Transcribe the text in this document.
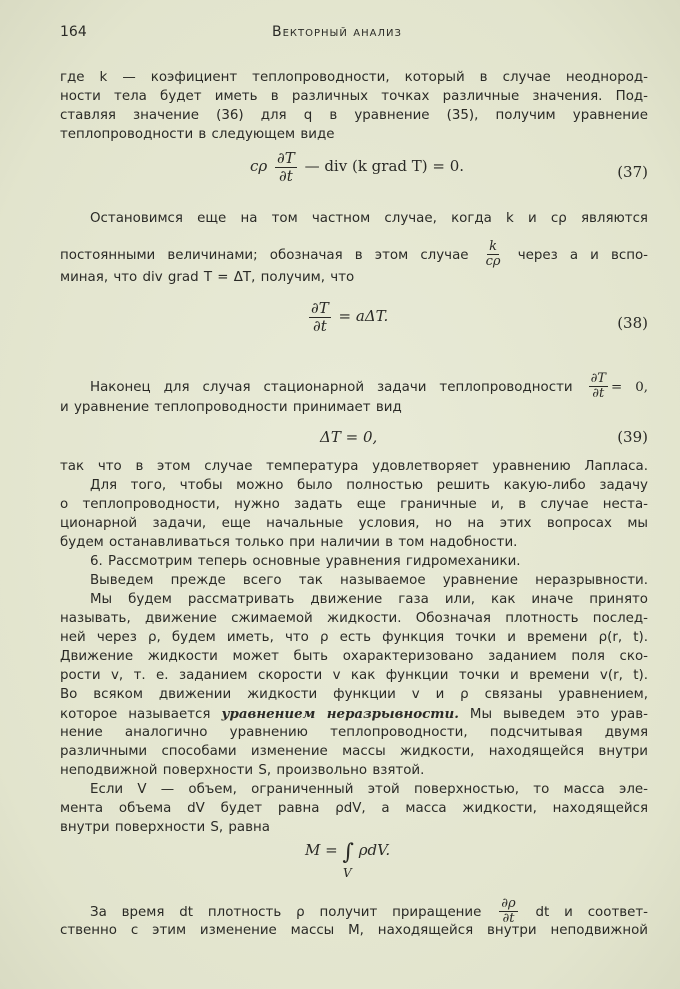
164	Векторный анализ
где k — коэфициент теплопроводности, который в случае неоднород-
ности тела будет иметь в различных точках различные значения. Под-
ставляя значение (36) для q в уравнение (35), получим уравнение
теплопроводности в следующем виде
cρ $\frac{\partial T}{\partial t}$ — div (k grad T) = 0.	(37)
Остановимся еще на том частном случае, когда k и cρ являются
постоянными величинами; обозначая в этом случае $\frac{k}{c\rho}$ через a и вспо-
миная, что div grad T = ΔT, получим, что
$\frac{\partial T}{\partial t} = a\Delta T$.	(38)
Наконец для случая стационарной задачи теплопроводности $\frac{\partial T}{\partial t} = 0$,
и уравнение теплопроводности принимает вид
ΔT = 0,	(39)
так что в этом случае температура удовлетворяет уравнению Лапласа.
Для того, чтобы можно было полностью решить какую-либо задачу
о теплопроводности, нужно задать еще граничные и, в случае неста-
ционарной задачи, еще начальные условия, но на этих вопросах мы
будем останавливаться только при наличии в том надобности.
6. Рассмотрим теперь основные уравнения гидромеханики.
Выведем прежде всего так называемое уравнение неразрывности.
Мы будем рассматривать движение газа или, как иначе принято
называть, движение сжимаемой жидкости. Обозначая плотность послед-
ней через ρ, будем иметь, что ρ есть функция точки и времени ρ(r, t).
Движение жидкости может быть охарактеризовано заданием поля ско-
рости v, т. е. заданием скорости v как функции точки и времени v(r, t).
Во всяком движении жидкости функции v и ρ связаны уравнением,
которое называется уравнением неразрывности. Мы выведем это урав-
нение аналогично уравнению теплопроводности, подсчитывая двумя
различными способами изменение массы жидкости, находящейся внутри
неподвижной поверхности S, произвольно взятой.
Если V — объем, ограниченный этой поверхностью, то масса эле-
мента объема dV будет равна ρdV, а масса жидкости, находящейся
внутри поверхности S, равна
M = ∫ ρdV.
V
За время dt плотность ρ получит приращение $\frac{\partial\rho}{\partial t}$ dt и соответ-
ственно с этим изменение массы M, находящейся внутри неподвижной
